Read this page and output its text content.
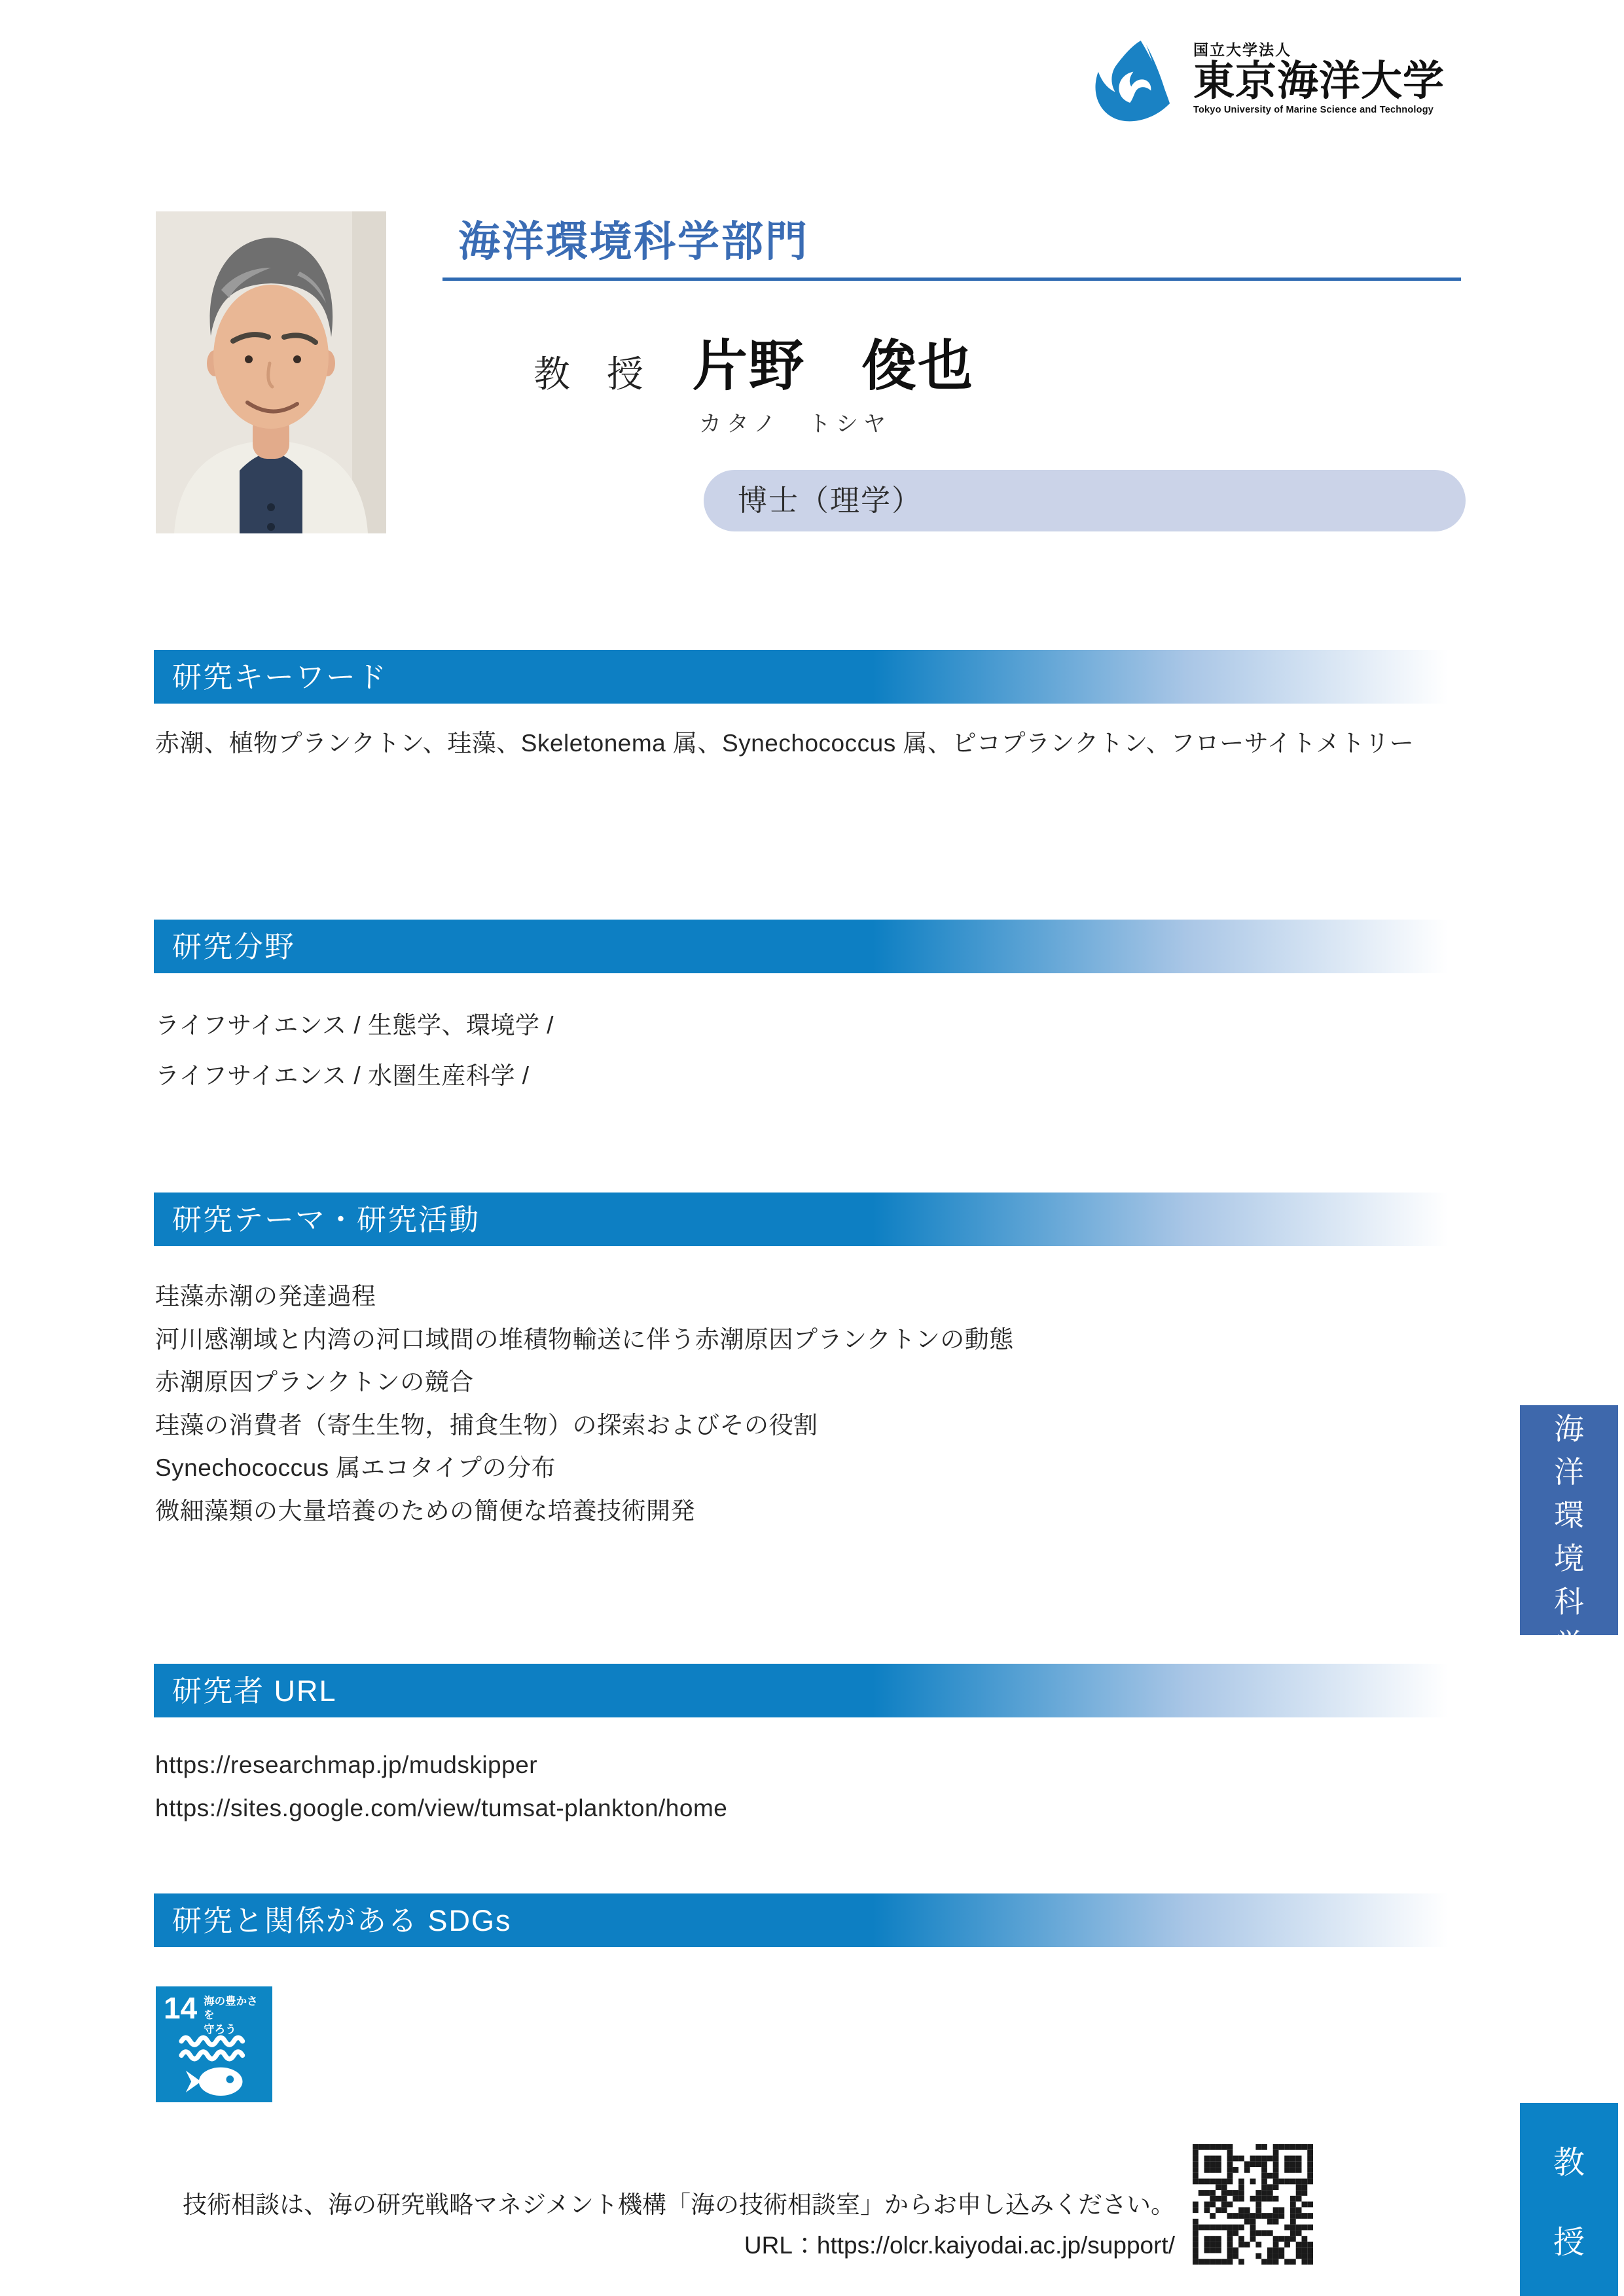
国立大学法人
東京海洋大学
Tokyo University of Marine Science and Technology
海洋環境科学部門
教　授 片野　俊也
カタノ　トシヤ
博士（理学）
研究キーワード
赤潮、植物プランクトン、珪藻、Skeletonema 属、Synechococcus 属、ピコプランクトン、フローサイトメトリー
研究分野
ライフサイエンス / 生態学、環境学 /
ライフサイエンス / 水圏生産科学 /
研究テーマ・研究活動
珪藻赤潮の発達過程
河川感潮域と内湾の河口域間の堆積物輸送に伴う赤潮原因プランクトンの動態
赤潮原因プランクトンの競合
珪藻の消費者（寄生生物，捕食生物）の探索およびその役割
Synechococcus 属エコタイプの分布
微細藻類の大量培養のための簡便な培養技術開発
研究者 URL
https://researchmap.jp/mudskipper
https://sites.google.com/view/tumsat-plankton/home
研究と関係がある SDGs
14 海の豊かさを
守ろう
技術相談は、海の研究戦略マネジメント機構「海の技術相談室」からお申し込みください。
URL：https://olcr.kaiyodai.ac.jp/support/
海
洋
環
境
科
学
教
授
